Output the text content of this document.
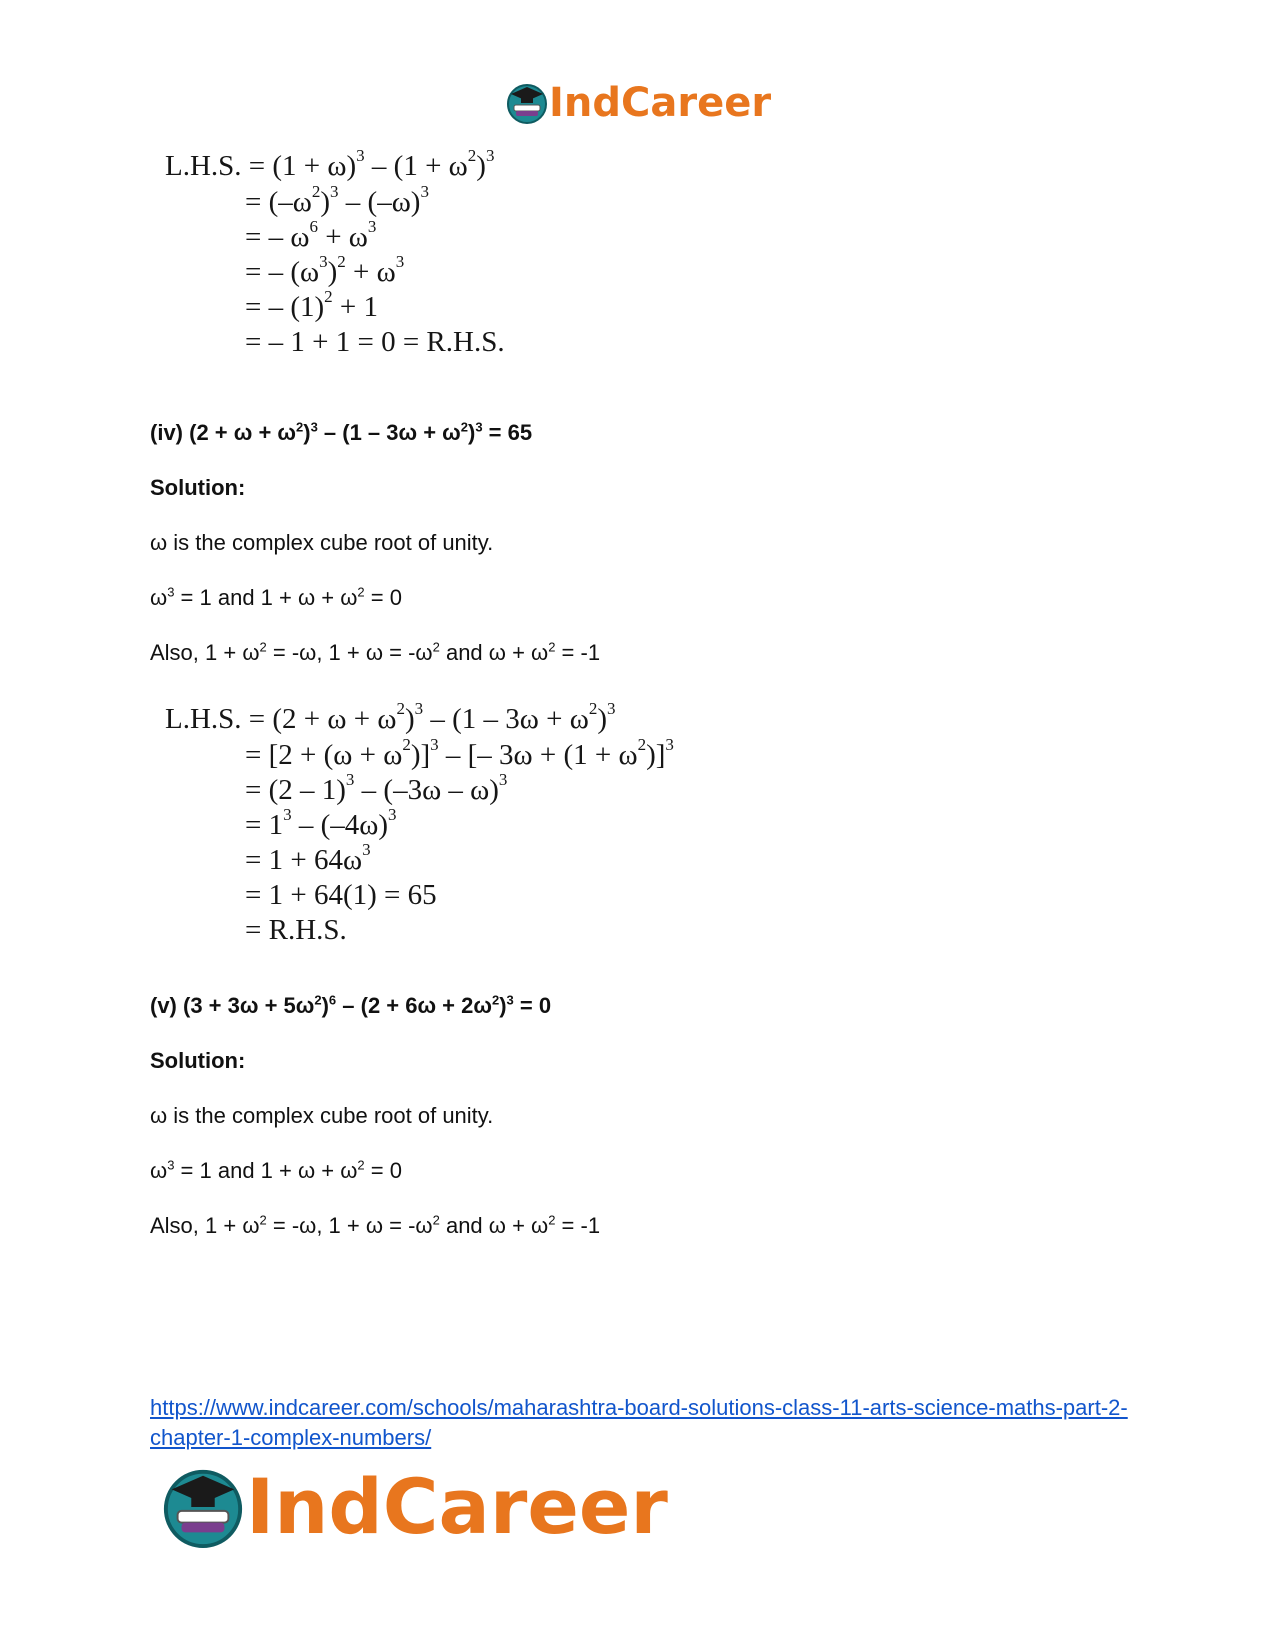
IndCareer
L.H.S. = $(1 + \omega)^3 - (1 + \omega^2)^3$
= $(-\omega^2)^3 - (-\omega)^3$
= – $\omega^6 + \omega^3$
= – $(\omega^3)^2 + \omega^3$
= – $(1)^2 + 1$
= – 1 + 1 = 0 = R.H.S.
(iv) $(2 + \omega + \omega^2)^3 - (1 - 3\omega + \omega^2)^3 = 65$
Solution:
ω is the complex cube root of unity.
$\omega^3 = 1$ and $1 + \omega + \omega^2 = 0$
Also, $1 + \omega^2 = -\omega$, $1 + \omega = -\omega^2$ and $\omega + \omega^2 = -1$
L.H.S. = $(2 + \omega + \omega^2)^3 - (1 - 3\omega + \omega^2)^3$
= $[2 + (\omega + \omega^2)]^3$ – [– $3\omega + (1 + \omega^2)]^3$
= (2 – 1)$^3$ – (–3ω – ω)$^3$
= $1^3 - (-4\omega)^3$
= $1 + 64\omega^3$
= 1 + 64(1) = 65
= R.H.S.
(v) $(3 + 3\omega + 5\omega^2)^6 - (2 + 6\omega + 2\omega^2)^3 = 0$
Solution:
ω is the complex cube root of unity.
$\omega^3 = 1$ and $1 + \omega + \omega^2 = 0$
Also, $1 + \omega^2 = -\omega$, $1 + \omega = -\omega^2$ and $\omega + \omega^2 = -1$
https://www.indcareer.com/schools/maharashtra-board-solutions-class-11-arts-science-maths-part-2-chapter-1-complex-numbers/
IndCareer
